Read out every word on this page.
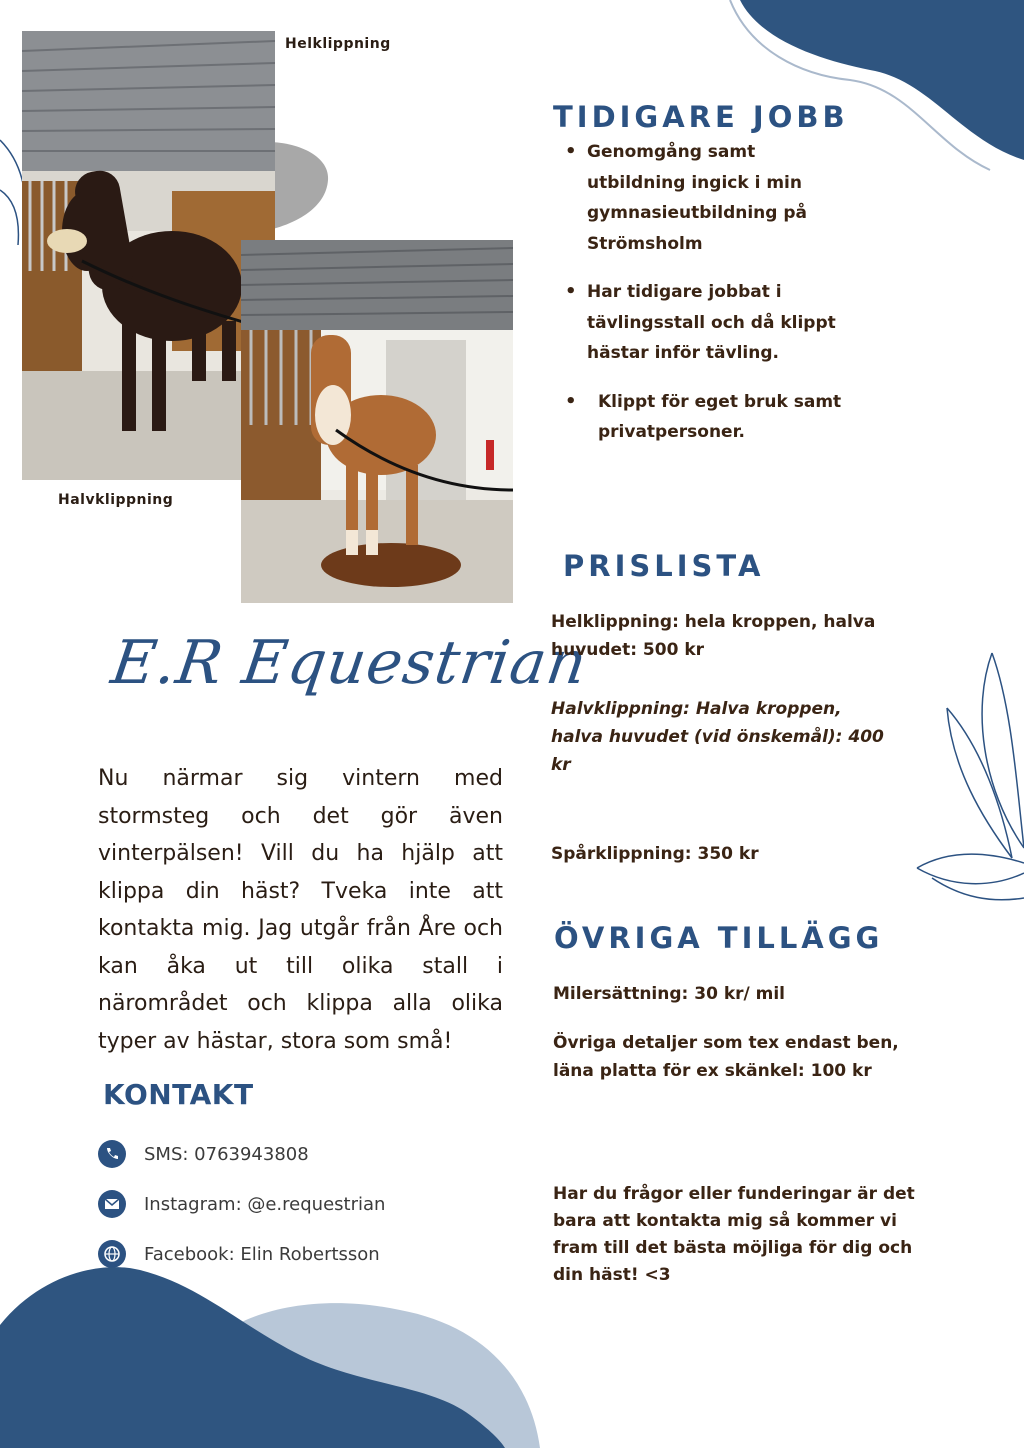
Helklippning
Halvklippning
E.R Equestrian
Nu närmar sig vintern med stormsteg och det gör även vinterpälsen! Vill du ha hjälp att klippa din häst? Tveka inte att kontakta mig. Jag utgår från Åre och kan åka ut till olika stall i närområdet och klippa alla olika typer av hästar, stora som små!
KONTAKT
SMS: 0763943808
Instagram: @e.requestrian
Facebook: Elin Robertsson
TIDIGARE JOBB
• Genomgång samt utbildning ingick i min gymnasieutbildning på Strömsholm
• Har tidigare jobbat i tävlingsstall och då klippt hästar inför tävling.
• Klippt för eget bruk samt privatpersoner.
PRISLISTA
Helklippning: hela kroppen, halva huvudet: 500 kr
Halvklippning: Halva kroppen, halva huvudet (vid önskemål): 400 kr
Spårklippning: 350 kr
ÖVRIGA TILLÄGG
Milersättning: 30 kr/ mil
Övriga detaljer som tex endast ben, läna platta för ex skänkel: 100 kr
Har du frågor eller funderingar är det bara att kontakta mig så kommer vi fram till det bästa möjliga för dig och din häst! <3
